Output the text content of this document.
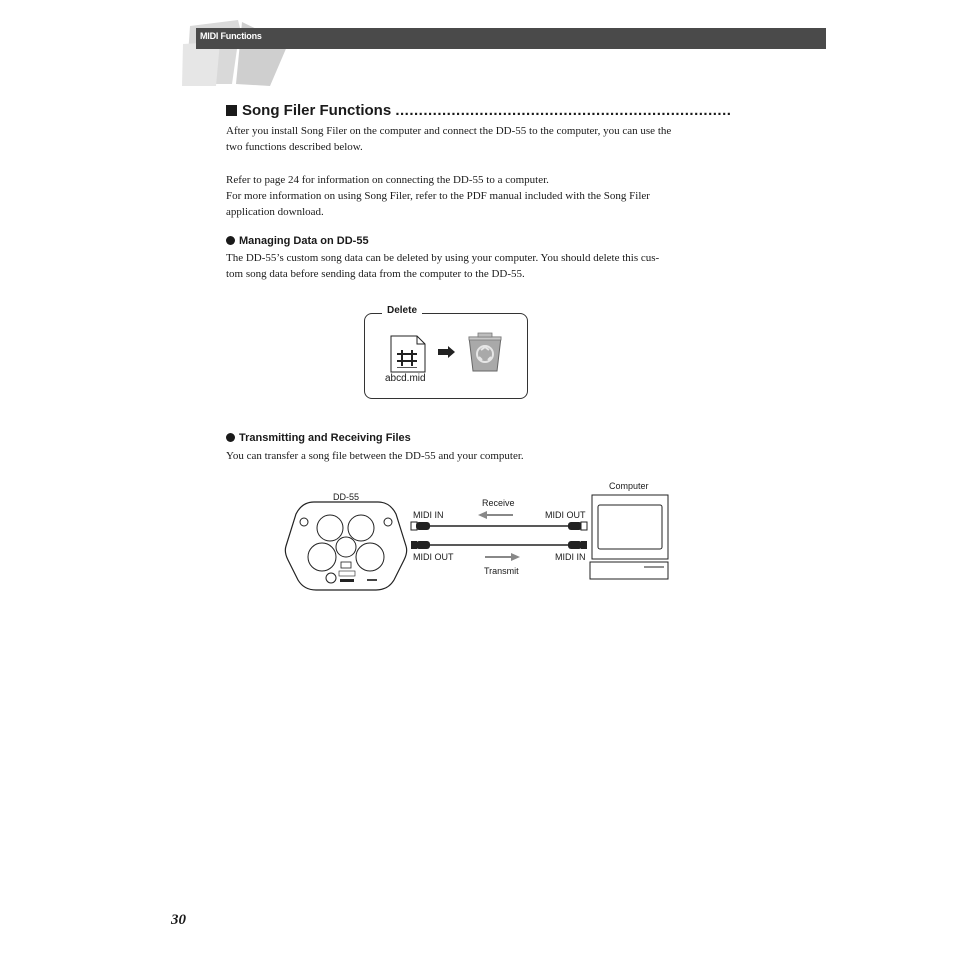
MIDI Functions
Song Filer Functions ........................................................................
After you install Song Filer on the computer and connect the DD-55 to the computer, you can use the
two functions described below.
Refer to page 24 for information on connecting the DD-55 to a computer.
For more information on using Song Filer, refer to the PDF manual included with the Song Filer
application download.
Managing Data on DD-55
The DD-55’s custom song data can be deleted by using your computer. You should delete this cus-
tom song data before sending data from the computer to the DD-55.
Delete
abcd.mid
Transmitting and Receiving Files
You can transfer a song file between the DD-55 and your computer.
DD-55
MIDI IN
MIDI OUT
MIDI OUT
MIDI IN
Receive
Transmit
Computer
30
